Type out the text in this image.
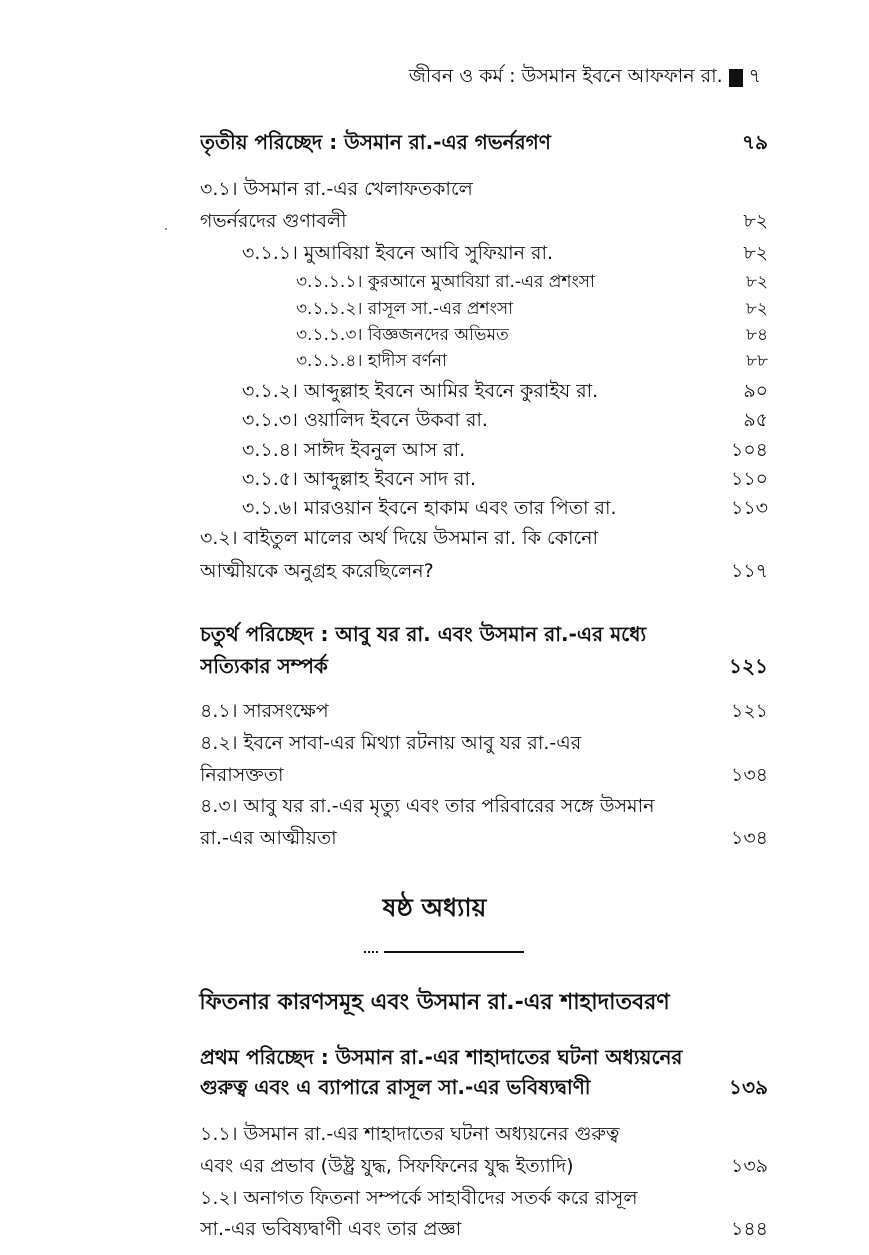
জীবন ও কর্ম : উসমান ইবনে আফফান রা. ৭
তৃতীয় পরিচ্ছেদ : উসমান রা.-এর গভর্নরগণ	৭৯
৩.১। উসমান রা.-এর খেলাফতকালে
গভর্নরদের গুণাবলী	৮২
৩.১.১। মুআবিয়া ইবনে আবি সুফিয়ান রা.	৮২
৩.১.১.১। কুরআনে মুআবিয়া রা.-এর প্রশংসা	৮২
৩.১.১.২। রাসূল সা.-এর প্রশংসা	৮২
৩.১.১.৩। বিজ্ঞজনদের অভিমত	৮৪
৩.১.১.৪। হাদীস বর্ণনা	৮৮
৩.১.২। আব্দুল্লাহ ইবনে আমির ইবনে কুরাইয রা.	৯০
৩.১.৩। ওয়ালিদ ইবনে উকবা রা.	৯৫
৩.১.৪। সাঈদ ইবনুল আস রা.	১০৪
৩.১.৫। আব্দুল্লাহ ইবনে সাদ রা.	১১০
৩.১.৬। মারওয়ান ইবনে হাকাম এবং তার পিতা রা.	১১৩
৩.২। বাইতুল মালের অর্থ দিয়ে উসমান রা. কি কোনো
আত্মীয়কে অনুগ্রহ করেছিলেন?	১১৭
চতুর্থ পরিচ্ছেদ : আবু যর রা. এবং উসমান রা.-এর মধ্যে
সত্যিকার সম্পর্ক	১২১
৪.১। সারসংক্ষেপ	১২১
৪.২। ইবনে সাবা-এর মিথ্যা রটনায় আবু যর রা.-এর
নিরাসক্ততা	১৩৪
৪.৩। আবু যর রা.-এর মৃত্যু এবং তার পরিবারের সঙ্গে উসমান
রা.-এর আত্মীয়তা	১৩৪
প্রথম পরিচ্ছেদ : উসমান রা.-এর শাহাদাতের ঘটনা অধ্যয়নের
গুরুত্ব এবং এ ব্যাপারে রাসূল সা.-এর ভবিষ্যদ্বাণী	১৩৯
১.১। উসমান রা.-এর শাহাদাতের ঘটনা অধ্যয়নের গুরুত্ব
এবং এর প্রভাব (উষ্ট্র যুদ্ধ, সিফফিনের যুদ্ধ ইত্যাদি)	১৩৯
১.২। অনাগত ফিতনা সম্পর্কে সাহাবীদের সতর্ক করে রাসূল
সা.-এর ভবিষ্যদ্বাণী এবং তার প্রজ্ঞা	১৪৪
ষষ্ঠ অধ্যায়
ফিতনার কারণসমূহ এবং উসমান রা.-এর শাহাদাতবরণ
